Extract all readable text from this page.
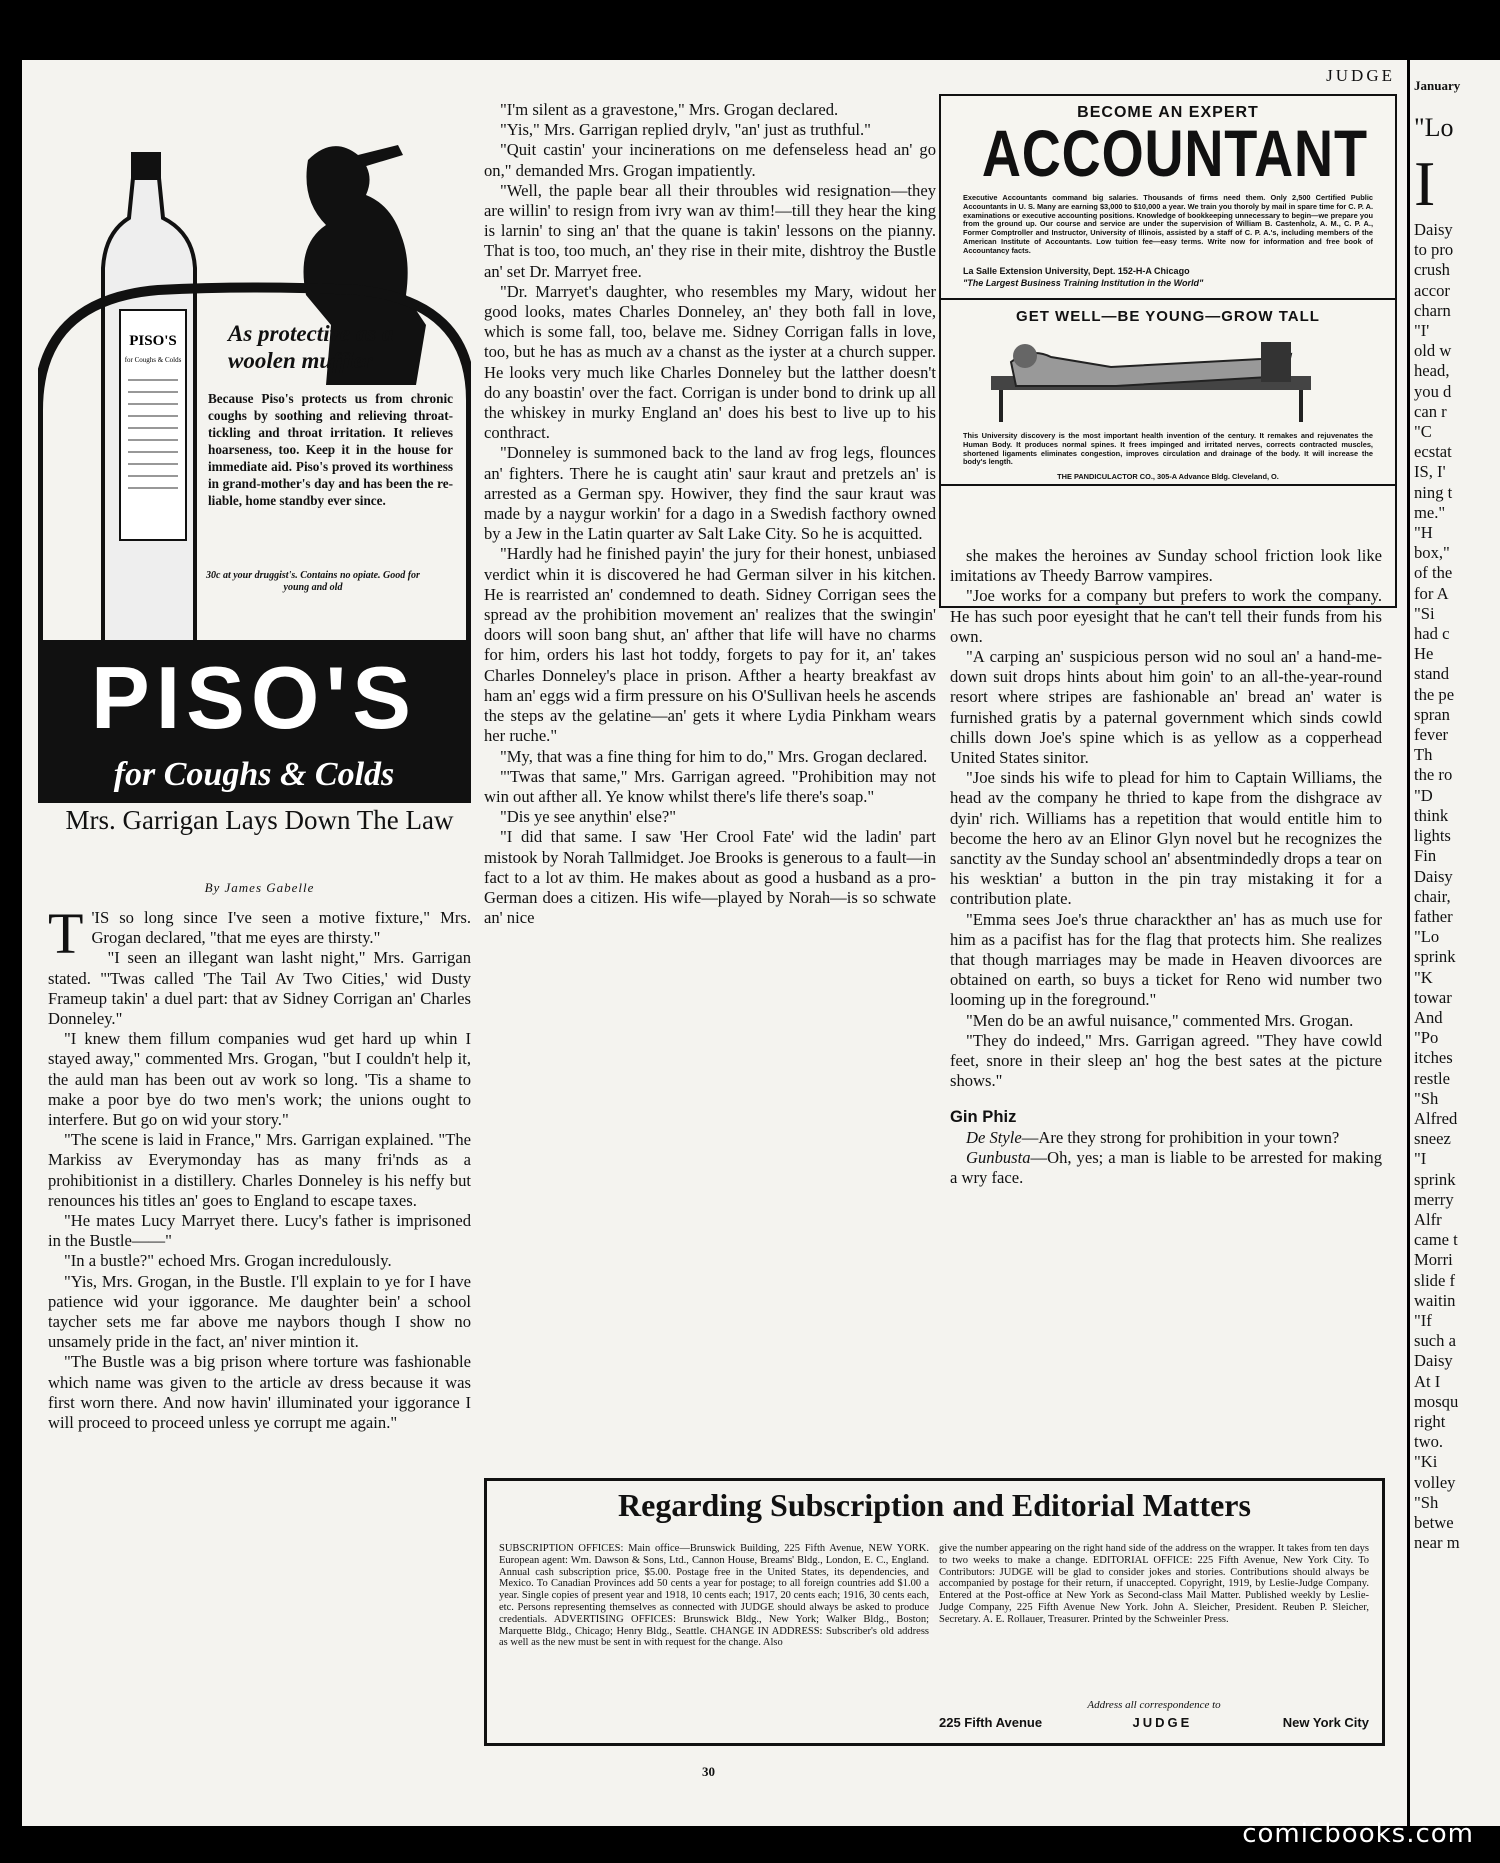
JUDGE
PISO'S
for Coughs & Colds
PISO'S
for Coughs & Colds
As protective as a woolen muffler
Because Piso's protects us from chronic coughs by soothing and relieving throat-tickling and throat irritation. It relieves hoarseness, too. Keep it in the house for immediate aid. Piso's proved its worthiness in grand-mother's day and has been the re-liable, home standby ever since.
30c at your druggist's. Contains no opiate. Good for young and old
Mrs. Garrigan Lays Down The Law
By James Gabelle

T 'IS so long since I've seen a motive fixture," Mrs. Grogan declared, "that me eyes are thirsty."

"I seen an illegant wan lasht night," Mrs. Garrigan stated. "'Twas called 'The Tail Av Two Cities,' wid Dusty Frameup takin' a duel part: that av Sidney Corrigan an' Charles Donneley."

"I knew them fillum companies wud get hard up whin I stayed away," commented Mrs. Grogan, "but I couldn't help it, the auld man has been out av work so long. 'Tis a shame to make a poor bye do two men's work; the unions ought to interfere. But go on wid your story."

"The scene is laid in France," Mrs. Garrigan explained. "The Markiss av Everymonday has as many fri'nds as a prohibitionist in a distillery. Charles Donneley is his neffy but renounces his titles an' goes to England to escape taxes.

"He mates Lucy Marryet there. Lucy's father is imprisoned in the Bustle——"

"In a bustle?" echoed Mrs. Grogan incredulously.

"Yis, Mrs. Grogan, in the Bustle. I'll explain to ye for I have patience wid your iggorance. Me daughter bein' a school taycher sets me far above me naybors though I show no unsamely pride in the fact, an' niver mintion it.

"The Bustle was a big prison where torture was fashionable which name was given to the article av dress because it was first worn there. And now havin' illuminated your iggorance I will proceed to proceed unless ye corrupt me again."

"I'm silent as a gravestone," Mrs. Grogan declared.

"Yis," Mrs. Garrigan replied drylv, "an' just as truthful."

"Quit castin' your incinerations on me defenseless head an' go on," demanded Mrs. Grogan impatiently.

"Well, the paple bear all their throubles wid resignation—they are willin' to resign from ivry wan av thim!—till they hear the king is larnin' to sing an' that the quane is takin' lessons on the pianny. That is too, too much, an' they rise in their mite, dishtroy the Bustle an' set Dr. Marryet free.

"Dr. Marryet's daughter, who resembles my Mary, widout her good looks, mates Charles Donneley, an' they both fall in love, which is some fall, too, belave me. Sidney Corrigan falls in love, too, but he has as much av a chanst as the iyster at a church supper. He looks very much like Charles Donneley but the latther doesn't do any boastin' over the fact. Corrigan is under bond to drink up all the whiskey in murky England an' does his best to live up to his conthract.

"Donneley is summoned back to the land av frog legs, flounces an' fighters. There he is caught atin' saur kraut and pretzels an' is arrested as a German spy. Howiver, they find the saur kraut was made by a naygur workin' for a dago in a Swedish facthory owned by a Jew in the Latin quarter av Salt Lake City. So he is acquitted.

"Hardly had he finished payin' the jury for their honest, unbiased verdict whin it is discovered he had German silver in his kitchen. He is rearristed an' condemned to death. Sidney Corrigan sees the spread av the prohibition movement an' realizes that the swingin' doors will soon bang shut, an' afther that life will have no charms for him, orders his last hot toddy, forgets to pay for it, an' takes Charles Donneley's place in prison. Afther a hearty breakfast av ham an' eggs wid a firm pressure on his O'Sullivan heels he ascends the steps av the gelatine—an' gets it where Lydia Pinkham wears her ruche."

"My, that was a fine thing for him to do," Mrs. Grogan declared.

"'Twas that same," Mrs. Garrigan agreed. "Prohibition may not win out afther all. Ye know whilst there's life there's soap."

"Dis ye see anythin' else?"

"I did that same. I saw 'Her Crool Fate' wid the ladin' part mistook by Norah Tallmidget. Joe Brooks is generous to a fault—in fact to a lot av thim. He makes about as good a husband as a pro-German does a citizen. His wife—played by Norah—is so schwate an' nice

BECOME AN EXPERT
ACCOUNTANT
Executive Accountants command big salaries. Thousands of firms need them. Only 2,500 Certified Public Accountants in U. S. Many are earning $3,000 to $10,000 a year. We train you thoroly by mail in spare time for C. P. A. examinations or executive accounting positions. Knowledge of bookkeeping unnecessary to begin—we prepare you from the ground up. Our course and service are under the supervision of William B. Castenholz, A. M., C. P. A., Former Comptroller and Instructor, University of Illinois, assisted by a staff of C. P. A.'s, including members of the American Institute of Accountants. Low tuition fee—easy terms. Write now for information and free book of Accountancy facts.
La Salle Extension University, Dept. 152-H-A Chicago
"The Largest Business Training Institution in the World"
GET WELL—BE YOUNG—GROW TALL
This University discovery is the most important health invention of the century. It remakes and rejuvenates the Human Body. It produces normal spines. It frees impinged and irritated nerves, corrects contracted muscles, shortened ligaments eliminates congestion, improves circulation and drainage of the body. It will increase the body's length.
THE PANDICULACTOR CO., 305-A Advance Bldg. Cleveland, O.

she makes the heroines av Sunday school friction look like imitations av Theedy Barrow vampires.

"Joe works for a company but prefers to work the company. He has such poor eyesight that he can't tell their funds from his own.

"A carping an' suspicious person wid no soul an' a hand-me-down suit drops hints about him goin' to an all-the-year-round resort where stripes are fashionable an' bread an' water is furnished gratis by a paternal government which sinds cowld chills down Joe's spine which is as yellow as a copperhead United States sinitor.

"Joe sinds his wife to plead for him to Captain Williams, the head av the company he thried to kape from the dishgrace av dyin' rich. Williams has a repetition that would entitle him to become the hero av an Elinor Glyn novel but he recognizes the sanctity av the Sunday school an' absentmindedly drops a tear on his wesktian' a button in the pin tray mistaking it for a contribution plate.

"Emma sees Joe's thrue charackther an' has as much use for him as a pacifist has for the flag that protects him. She realizes that though marriages may be made in Heaven divoorces are obtained on earth, so buys a ticket for Reno wid number two looming up in the foreground."

"Men do be an awful nuisance," commented Mrs. Grogan.

"They do indeed," Mrs. Garrigan agreed. "They have cowld feet, snore in their sleep an' hog the best sates at the picture shows."

Gin Phiz

De Style—Are they strong for prohibition in your town?

Gunbusta—Oh, yes; a man is liable to be arrested for making a wry face.

Regarding Subscription and Editorial Matters
SUBSCRIPTION OFFICES: Main office—Brunswick Building, 225 Fifth Avenue, NEW YORK. European agent: Wm. Dawson & Sons, Ltd., Cannon House, Breams' Bldg., London, E. C., England. Annual cash subscription price, $5.00. Postage free in the United States, its dependencies, and Mexico. To Canadian Provinces add 50 cents a year for postage; to all foreign countries add $1.00 a year. Single copies of present year and 1918, 10 cents each; 1917, 20 cents each; 1916, 30 cents each, etc. Persons representing themselves as connected with JUDGE should always be asked to produce credentials. ADVERTISING OFFICES: Brunswick Bldg., New York; Walker Bldg., Boston; Marquette Bldg., Chicago; Henry Bldg., Seattle. CHANGE IN ADDRESS: Subscriber's old address as well as the new must be sent in with request for the change. Also
give the number appearing on the right hand side of the address on the wrapper. It takes from ten days to two weeks to make a change. EDITORIAL OFFICE: 225 Fifth Avenue, New York City. To Contributors: JUDGE will be glad to consider jokes and stories. Contributions should always be accompanied by postage for their return, if unaccepted. Copyright, 1919, by Leslie-Judge Company. Entered at the Post-office at New York as Second-class Mail Matter. Published weekly by Leslie-Judge Company, 225 Fifth Avenue New York. John A. Sleicher, President. Reuben P. Sleicher, Secretary. A. E. Rollauer, Treasurer. Printed by the Schweinler Press.
Address all correspondence to
225 Fifth Avenue	JUDGE	New York City
30
January
"Lo
I
Daisy
to pro
crush
accor
charn
"I'
old w
head,
you d
can r
"C
ecstat
IS, I'
ning t
me."
"H
box,"
of the
for A
"Si
had c
He
stand
the pe
spran
fever
Th
the ro
"D
think
lights
Fin
Daisy
chair,
father
"Lo
sprink
"K
towar
And
"Po
itches
restle
"Sh
Alfred
sneez
"I
sprink
merry
Alfr
came t
Morri
slide f
waitin
"If
such a
Daisy
At I
mosqu
right
two.
"Ki
volley
"Sh
betwe
near m
comicbooks.com
